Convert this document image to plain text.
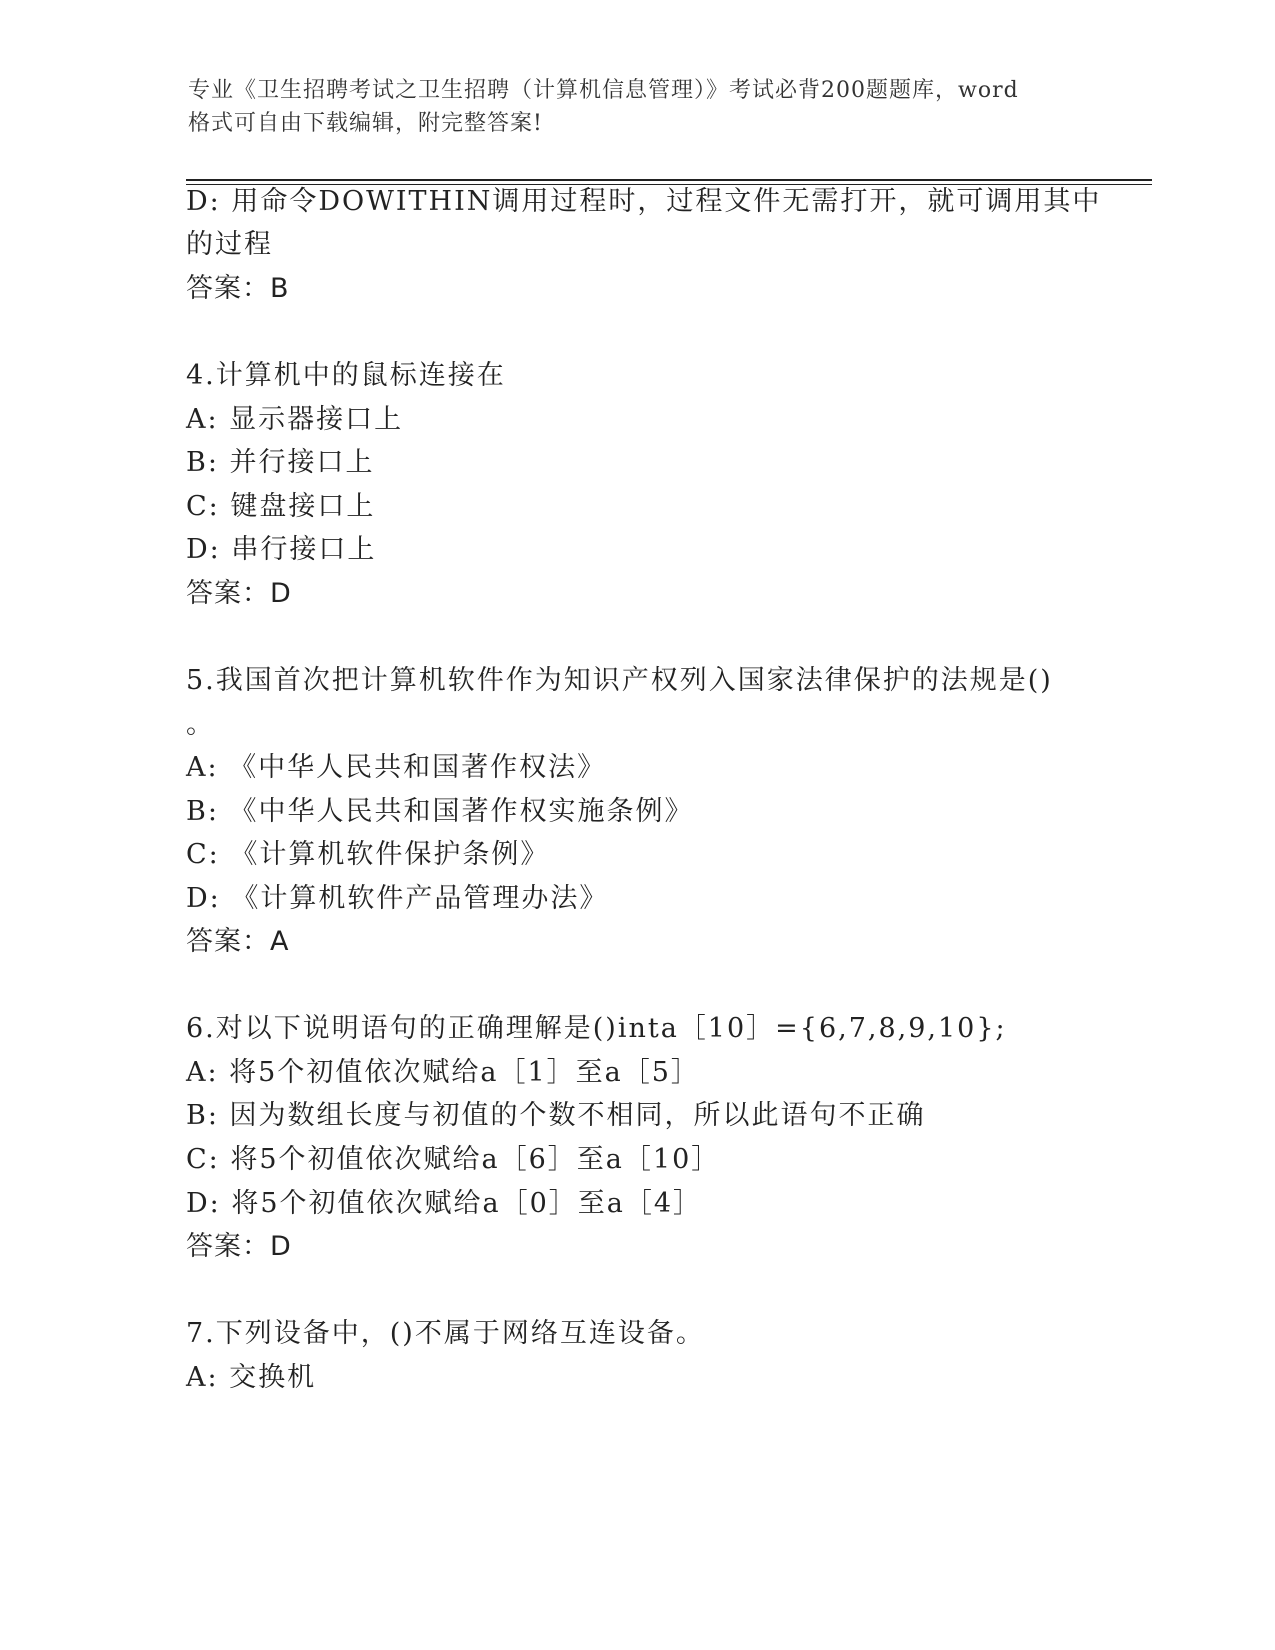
专业《卫生招聘考试之卫生招聘（计算机信息管理）》考试必背200题题库，word
格式可自由下载编辑，附完整答案!
D: 用命令DOWITHIN调用过程时，过程文件无需打开，就可调用其中
的过程
答案：B
4.计算机中的鼠标连接在
A: 显示器接口上
B: 并行接口上
C: 键盘接口上
D: 串行接口上
答案：D
5.我国首次把计算机软件作为知识产权列入国家法律保护的法规是()
。
A: 《中华人民共和国著作权法》
B: 《中华人民共和国著作权实施条例》
C: 《计算机软件保护条例》
D: 《计算机软件产品管理办法》
答案：A
6.对以下说明语句的正确理解是()inta［10］={6,7,8,9,10};
A: 将5个初值依次赋给a［1］至a［5］
B: 因为数组长度与初值的个数不相同，所以此语句不正确
C: 将5个初值依次赋给a［6］至a［10］
D: 将5个初值依次赋给a［0］至a［4］
答案：D
7.下列设备中，()不属于网络互连设备。
A: 交换机
